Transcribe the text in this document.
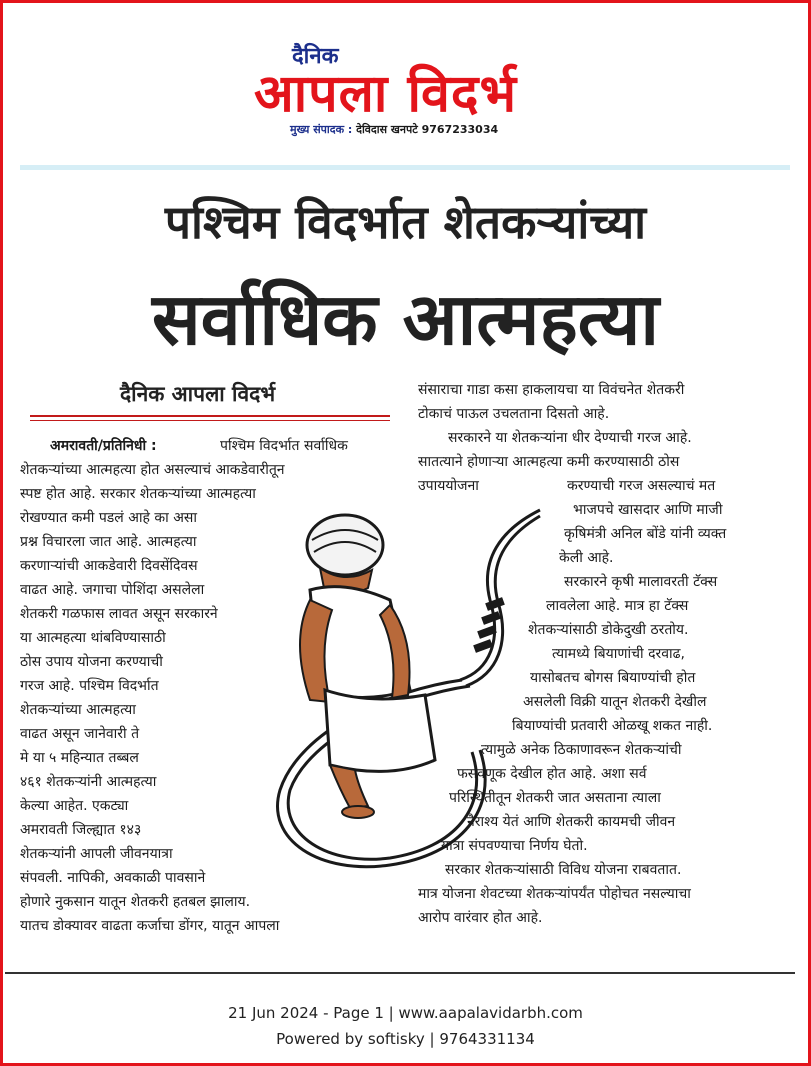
दैनिक
आपला विदर्भ
मुख्य संपादक : देविदास खनपटे 9767233034
पश्चिम विदर्भात शेतकऱ्यांच्या
सर्वाधिक आत्महत्या
दैनिक आपला विदर्भ
अमरावती/प्रतिनिधी :	पश्चिम विदर्भात सर्वाधिक
शेतकऱ्यांच्या आत्महत्या होत असल्याचं आकडेवारीतून
स्पष्ट होत आहे. सरकार शेतकऱ्यांच्या आत्महत्या
रोखण्यात कमी पडलं आहे का असा
प्रश्न विचारला जात आहे. आत्महत्या
करणाऱ्यांची आकडेवारी दिवसेंदिवस
वाढत आहे. जगाचा पोशिंदा असलेला
शेतकरी गळफास लावत असून सरकारने
या आत्महत्या थांबविण्यासाठी
ठोस उपाय योजना करण्याची
गरज आहे. पश्चिम विदर्भात
शेतकऱ्यांच्या आत्महत्या
वाढत असून जानेवारी ते
मे या ५ महिन्यात तब्बल
४६१ शेतकऱ्यांनी आत्महत्या
केल्या आहेत. एकट्या
अमरावती जिल्ह्यात १४३
शेतकऱ्यांनी आपली जीवनयात्रा
संपवली. नापिकी, अवकाळी पावसाने
होणारे नुकसान यातून शेतकरी हतबल झालाय.
यातच डोक्यावर वाढता कर्जाचा डोंगर, यातून आपला
संसाराचा गाडा कसा हाकलायचा या विवंचनेत शेतकरी
टोकाचं पाऊल उचलताना दिसतो आहे.
सरकारने या शेतकऱ्यांना धीर देण्याची गरज आहे.
सातत्याने होणाऱ्या आत्महत्या कमी करण्यासाठी ठोस
उपाययोजना	करण्याची गरज असल्याचं मत
भाजपचे खासदार आणि माजी
कृषिमंत्री अनिल बोंडे यांनी व्यक्त
केली आहे.
सरकारने कृषी मालावरती टॅक्स
लावलेला आहे. मात्र हा टॅक्स
शेतकऱ्यांसाठी डोकेदुखी ठरतोय.
त्यामध्ये बियाणांची दरवाढ,
यासोबतच बोगस बियाण्यांची होत
असलेली विक्री यातून शेतकरी देखील
बियाण्यांची प्रतवारी ओळखू शकत नाही.
त्यामुळे अनेक ठिकाणावरून शेतकऱ्यांची
फसवणूक देखील होत आहे. अशा सर्व
परिस्थितीतून शेतकरी जात असताना त्याला
नैराश्य येतं आणि शेतकरी कायमची जीवन
यात्रा संपवण्याचा निर्णय घेतो.
सरकार शेतकऱ्यांसाठी विविध योजना राबवतात.
मात्र योजना शेवटच्या शेतकऱ्यांपर्यंत पोहोचत नसल्याचा
आरोप वारंवार होत आहे.
21 Jun 2024 - Page 1 | www.aapalavidarbh.com
Powered by softisky | 9764331134
